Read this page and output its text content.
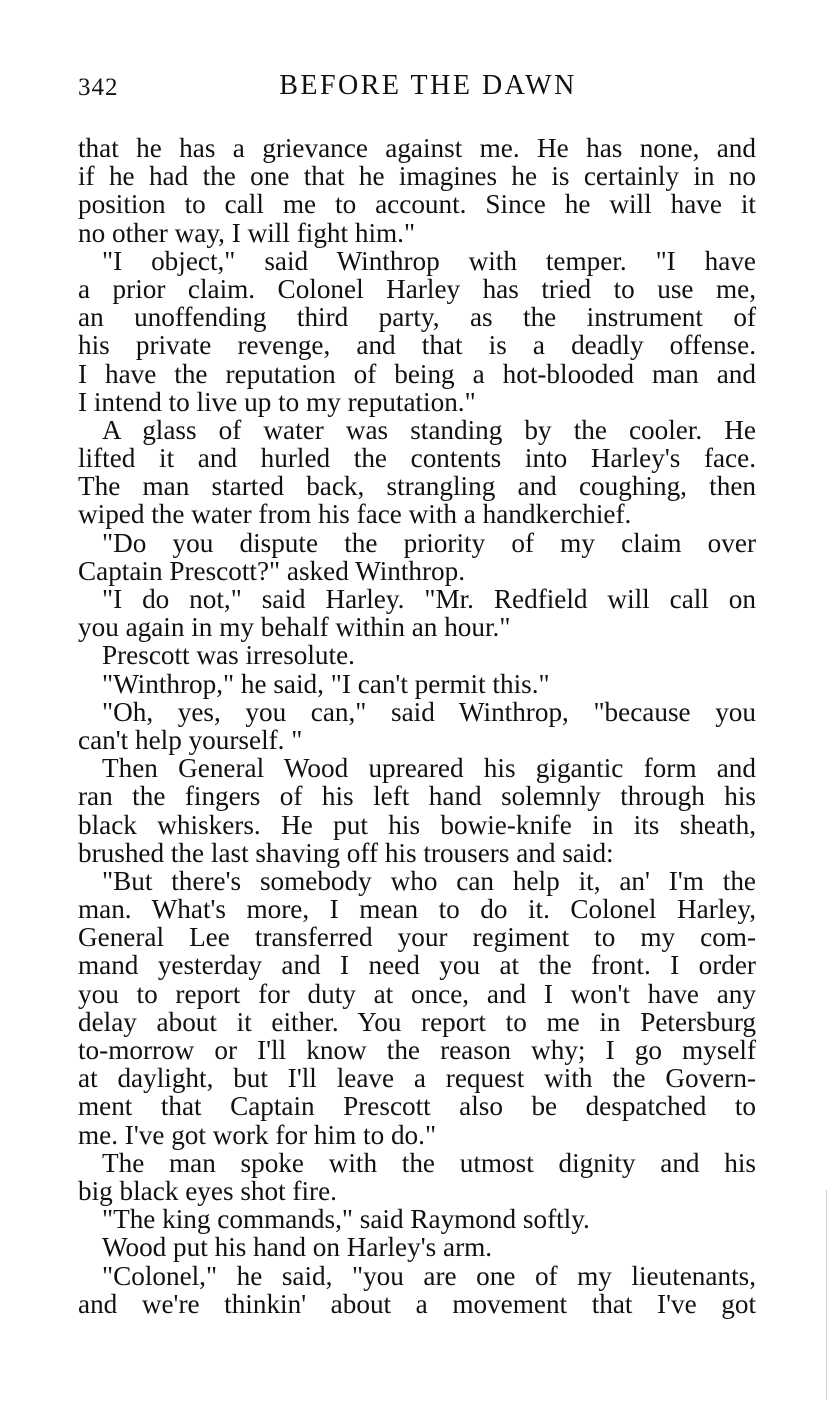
342	BEFORE THE DAWN
that he has a grievance against me. He has none, and
if he had the one that he imagines he is certainly in no
position to call me to account. Since he will have it
no other way, I will fight him."
"I object," said Winthrop with temper. "I have
a prior claim. Colonel Harley has tried to use me,
an unoffending third party, as the instrument of
his private revenge, and that is a deadly offense.
I have the reputation of being a hot-blooded man and
I intend to live up to my reputation."
A glass of water was standing by the cooler. He
lifted it and hurled the contents into Harley's face.
The man started back, strangling and coughing, then
wiped the water from his face with a handkerchief.
"Do you dispute the priority of my claim over
Captain Prescott?" asked Winthrop.
"I do not," said Harley. "Mr. Redfield will call on
you again in my behalf within an hour."
Prescott was irresolute.
"Winthrop," he said, "I can't permit this."
"Oh, yes, you can," said Winthrop, "because you
can't help yourself. "
Then General Wood upreared his gigantic form and
ran the fingers of his left hand solemnly through his
black whiskers. He put his bowie-knife in its sheath,
brushed the last shaving off his trousers and said:
"But there's somebody who can help it, an' I'm the
man. What's more, I mean to do it. Colonel Harley,
General Lee transferred your regiment to my com-
mand yesterday and I need you at the front. I order
you to report for duty at once, and I won't have any
delay about it either. You report to me in Petersburg
to-morrow or I'll know the reason why; I go myself
at daylight, but I'll leave a request with the Govern-
ment that Captain Prescott also be despatched to
me. I've got work for him to do."
The man spoke with the utmost dignity and his
big black eyes shot fire.
"The king commands," said Raymond softly.
Wood put his hand on Harley's arm.
"Colonel," he said, "you are one of my lieutenants,
and we're thinkin' about a movement that I've got
